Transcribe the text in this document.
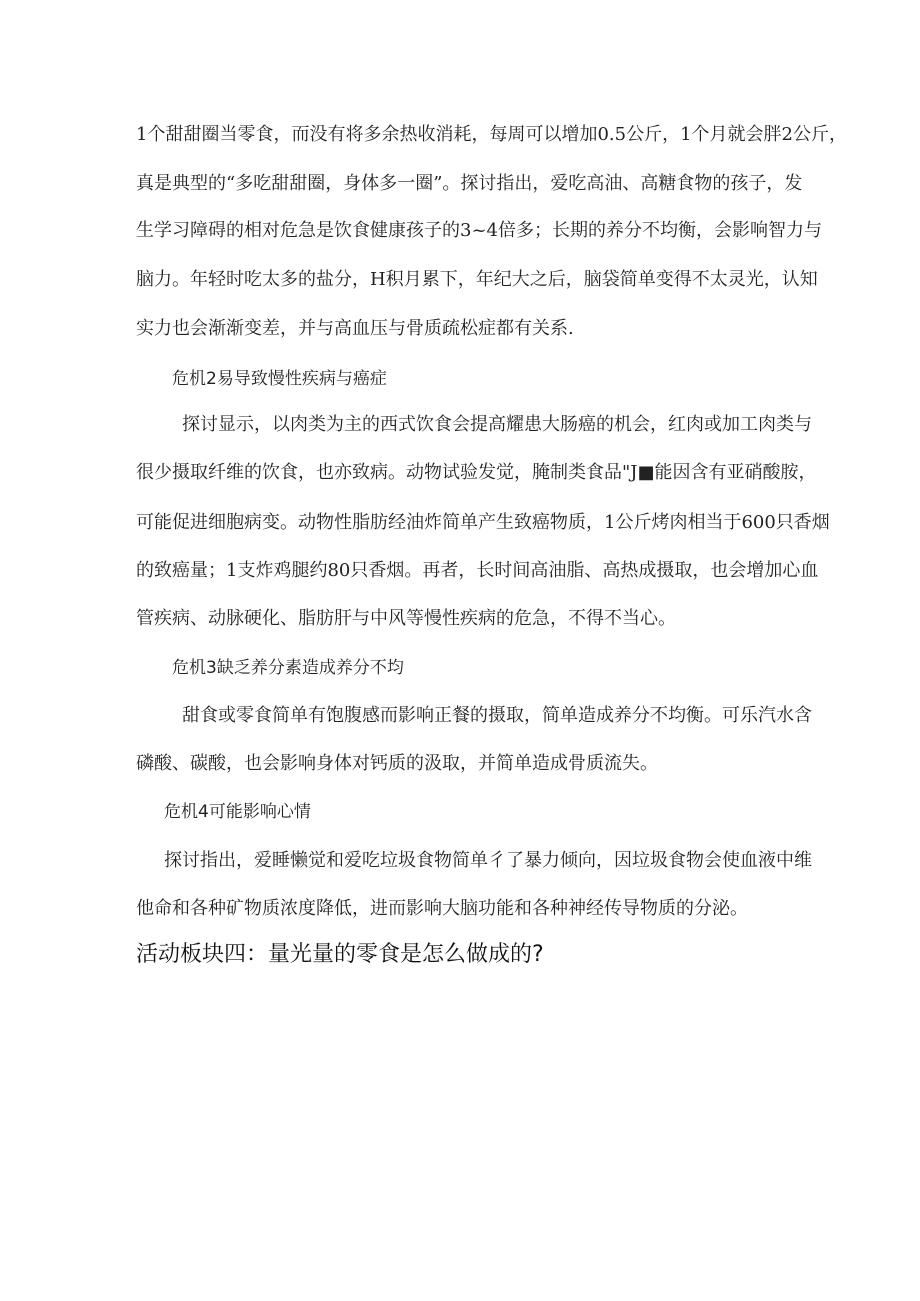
1个甜甜圈当零食，而没有将多余热收消耗，每周可以增加0.5公斤，1个月就会胖2公斤，

真是典型的“多吃甜甜圈，身体多一圈”。探讨指出，爱吃高油、高糖食物的孩子，发

生学习障碍的相对危急是饮食健康孩子的3~4倍多；长期的养分不均衡，会影响智力与

脑力。年轻时吃太多的盐分，H积月累下，年纪大之后，脑袋简单变得不太灵光，认知

实力也会渐渐变差，并与高血压与骨质疏松症都有关系.

危机2易导致慢性疾病与癌症

探讨显示，以肉类为主的西式饮食会提高耀患大肠癌的机会，红肉或加工肉类与

很少摄取纤维的饮食，也亦致病。动物试验发觉，腌制类食品"J■能因含有亚硝酸胺，

可能促进细胞病变。动物性脂肪经油炸简单产生致癌物质，1公斤烤肉相当于600只香烟

的致癌量；1支炸鸡腿约80只香烟。再者，长时间高油脂、高热成摄取，也会增加心血

管疾病、动脉硬化、脂肪肝与中风等慢性疾病的危急，不得不当心。

危机3缺乏养分素造成养分不均

甜食或零食简单有饱腹感而影响正餐的摄取，简单造成养分不均衡。可乐汽水含

磷酸、碳酸，也会影响身体对钙质的汲取，并简单造成骨质流失。

危机4可能影响心情

探讨指出，爱睡懒觉和爱吃垃圾食物简单彳了暴力倾向，因垃圾食物会使血液中维

他命和各种矿物质浓度降低，进而影响大脑功能和各种神经传导物质的分泌。

活动板块四：量光量的零食是怎么做成的?
